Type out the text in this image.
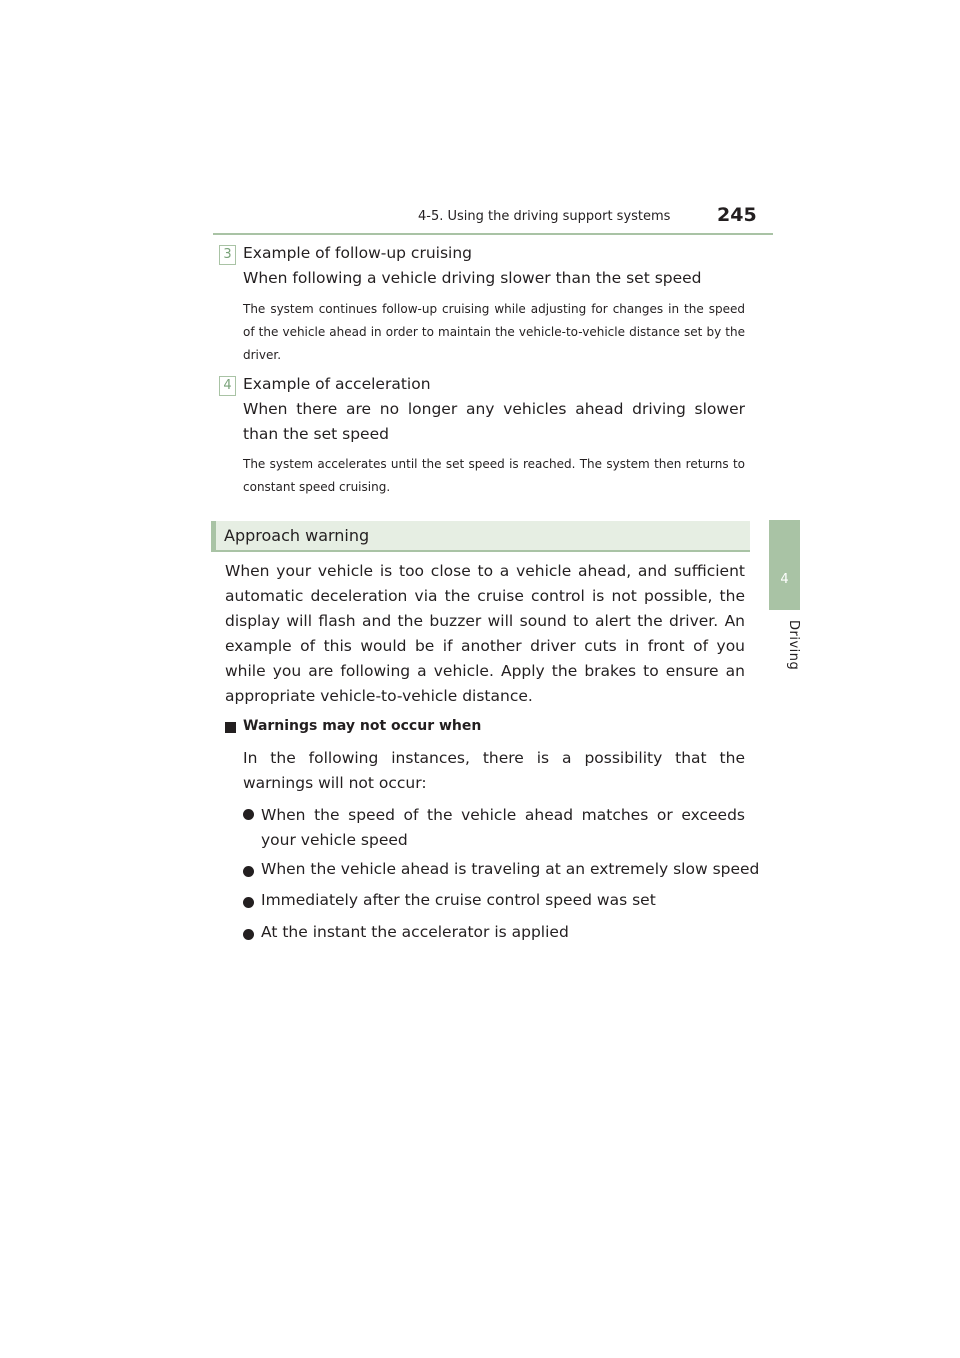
4-5. Using the driving support systems 245
4
Driving
3 Example of follow-up cruising
When following a vehicle driving slower than the set speed
The system continues follow-up cruising while adjusting for changes in the speed of the vehicle ahead in order to maintain the vehicle-to-vehicle distance set by the driver.
4 Example of acceleration
When there are no longer any vehicles ahead driving slower than the set speed
The system accelerates until the set speed is reached. The system then returns to constant speed cruising.
Approach warning
When your vehicle is too close to a vehicle ahead, and sufficient automatic deceleration via the cruise control is not possible, the display will flash and the buzzer will sound to alert the driver. An example of this would be if another driver cuts in front of you while you are following a vehicle. Apply the brakes to ensure an appropriate vehicle-to-vehicle distance.
Warnings may not occur when
In the following instances, there is a possibility that the warnings will not occur:
When the speed of the vehicle ahead matches or exceeds your vehicle speed
When the vehicle ahead is traveling at an extremely slow speed
Immediately after the cruise control speed was set
At the instant the accelerator is applied
